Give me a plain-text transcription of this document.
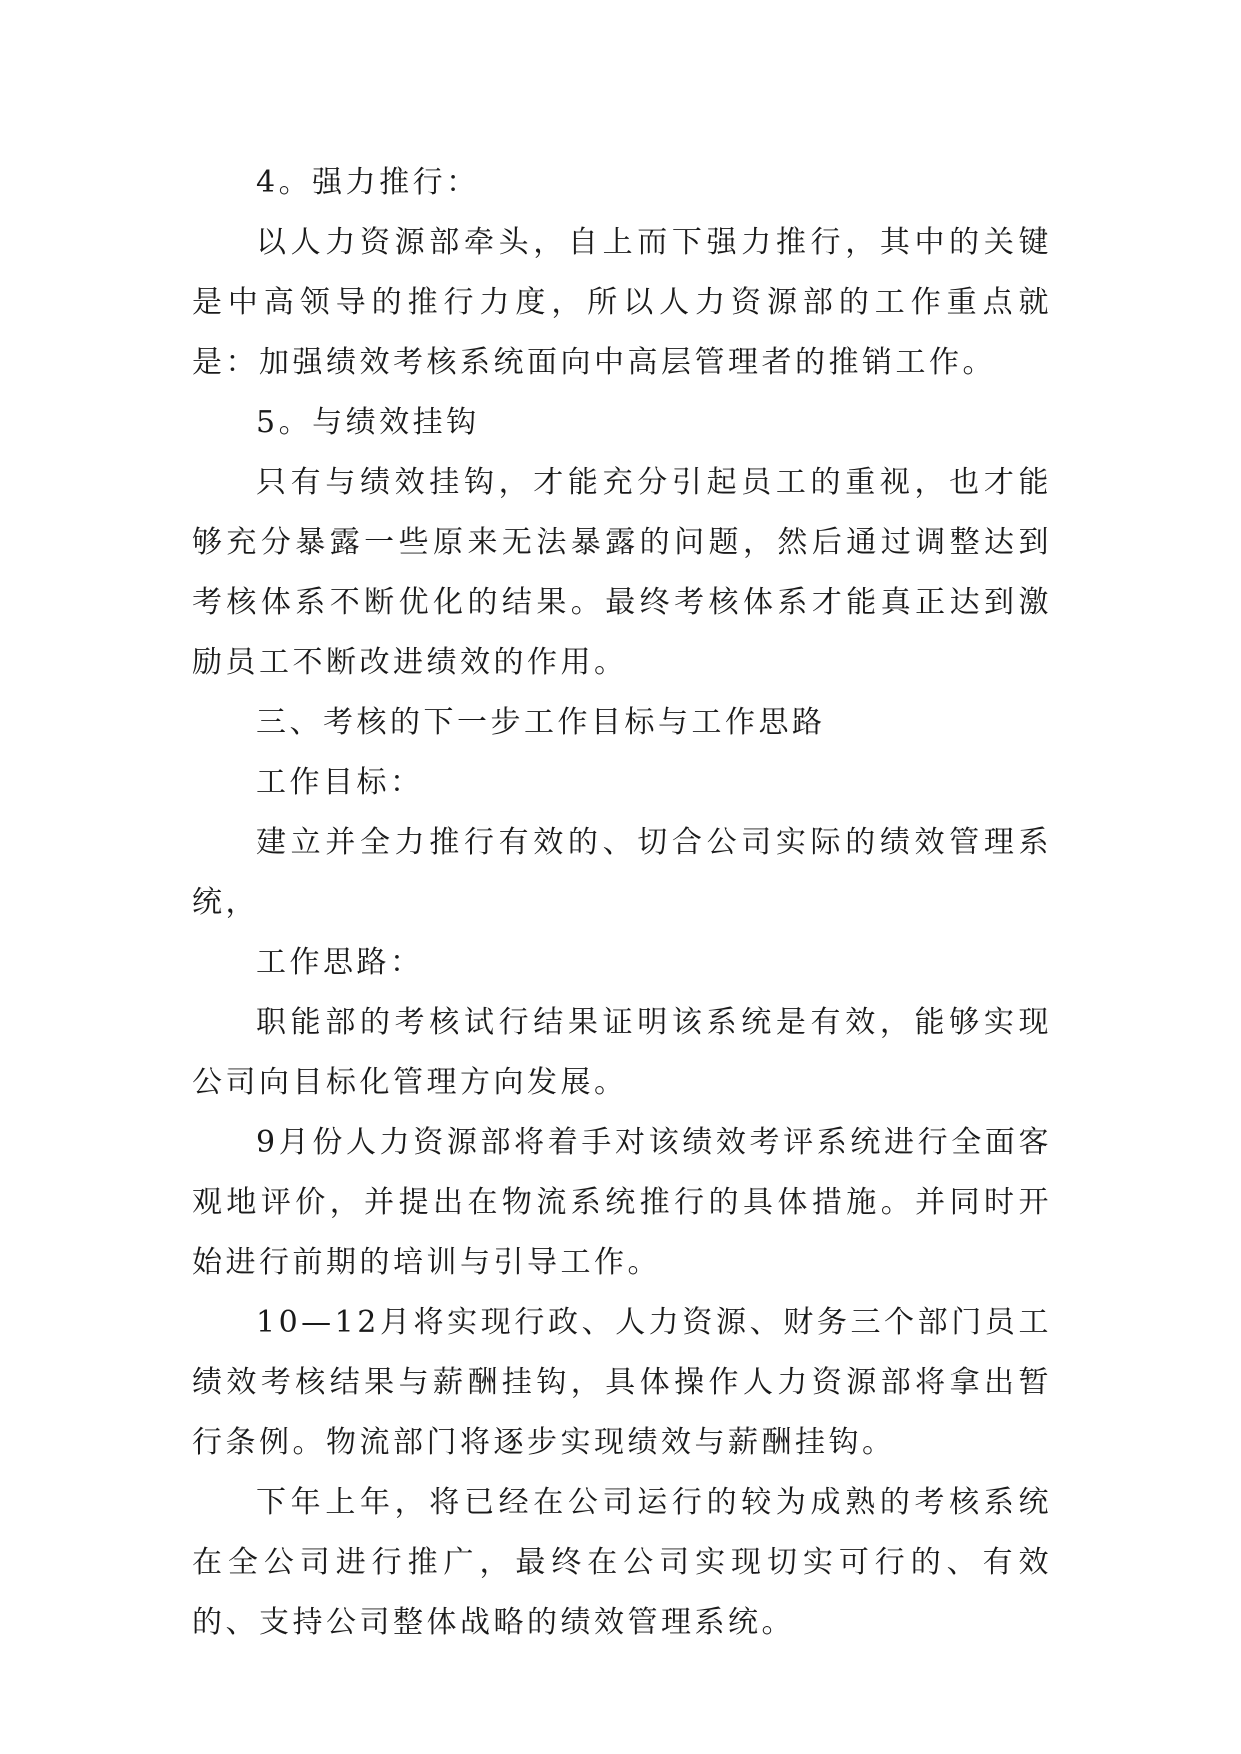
4。强力推行：

以人力资源部牵头，自上而下强力推行，其中的关键是中高领导的推行力度，所以人力资源部的工作重点就是：加强绩效考核系统面向中高层管理者的推销工作。

5。与绩效挂钩

只有与绩效挂钩，才能充分引起员工的重视，也才能够充分暴露一些原来无法暴露的问题，然后通过调整达到考核体系不断优化的结果。最终考核体系才能真正达到激励员工不断改进绩效的作用。

三、考核的下一步工作目标与工作思路

工作目标：

建立并全力推行有效的、切合公司实际的绩效管理系统，

工作思路：

职能部的考核试行结果证明该系统是有效，能够实现公司向目标化管理方向发展。

9月份人力资源部将着手对该绩效考评系统进行全面客观地评价，并提出在物流系统推行的具体措施。并同时开始进行前期的培训与引导工作。

10—12月将实现行政、人力资源、财务三个部门员工绩效考核结果与薪酬挂钩，具体操作人力资源部将拿出暂行条例。物流部门将逐步实现绩效与薪酬挂钩。

下年上年，将已经在公司运行的较为成熟的考核系统在全公司进行推广，最终在公司实现切实可行的、有效的、支持公司整体战略的绩效管理系统。
